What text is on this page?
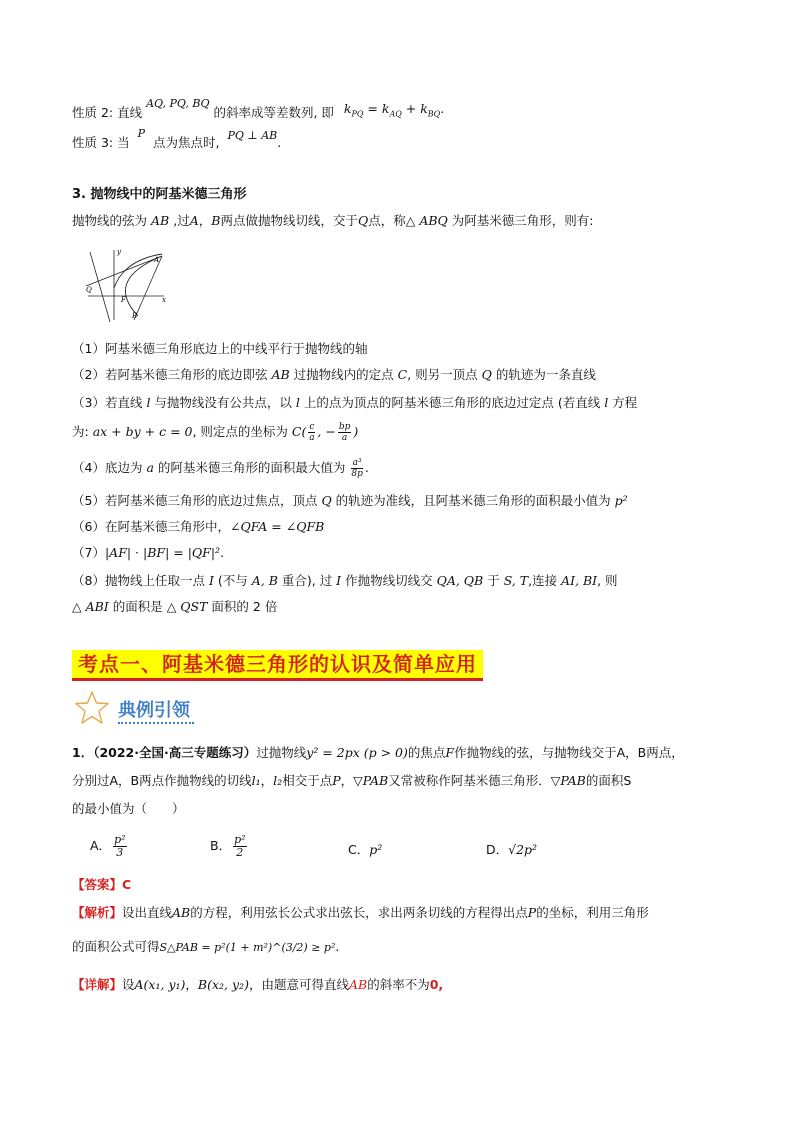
性质 2: 直线 AQ, PQ, BQ 的斜率成等差数列, 即 $k_{PQ} = k_{AQ} + k_{BQ}$.
性质 3: 当 P 点为焦点时, PQ ⊥ AB.
3. 抛物线中的阿基米德三角形
抛物线的弦为 AB ,过A，B两点做抛物线切线，交于Q点，称△ ABQ 为阿基米德三角形，则有:
y
x
Q
A
F
B
（1）阿基米德三角形底边上的中线平行于抛物线的轴
（2）若阿基米德三角形的底边即弦 AB 过抛物线内的定点 C, 则另一顶点 Q 的轨迹为一条直线
（3）若直线 l 与抛物线没有公共点，以 l 上的点为顶点的阿基米德三角形的底边过定点 (若直线 l 方程
为: ax + by + c = 0, 则定点的坐标为 $C( \frac{c}{a}$ , − $\frac{bp}{a}$ )
（4）底边为 a 的阿基米德三角形的面积最大值为 $\frac{\text{a³}}{8p}$ .
（5）若阿基米德三角形的底边过焦点，顶点 Q 的轨迹为准线，且阿基米德三角形的面积最小值为 p²
（6）在阿基米德三角形中，∠QFA = ∠QFB
（7）|AF| · |BF| = |QF|².
（8）抛物线上任取一点 I (不与 A, B 重合), 过 I 作抛物线切线交 QA, QB 于 S, T,连接 AI, BI, 则
△ ABI 的面积是 △ QST 面积的 2 倍
考点一、阿基米德三角形的认识及简单应用
典例引领
1．（2022·全国·高三专题练习）过抛物线y² = 2px (p > 0)的焦点F作抛物线的弦，与抛物线交于A，B两点，
分别过A，B两点作抛物线的切线l₁，l₂相交于点P，▽PAB又常被称作阿基米德三角形．▽PAB的面积S
的最小值为（　　）
A． $\frac{\text{p²}}{3}$	B． $\frac{\text{p²}}{2}$	C．p²	D．√2p²
【答案】C
【解析】设出直线AB的方程，利用弦长公式求出弦长，求出两条切线的方程得出点P的坐标，利用三角形
的面积公式可得S△PAB = p²(1 + m²)^(3/2) ≥ p².
【详解】设A(x₁, y₁)，B(x₂, y₂)，由题意可得直线AB的斜率不为0,
